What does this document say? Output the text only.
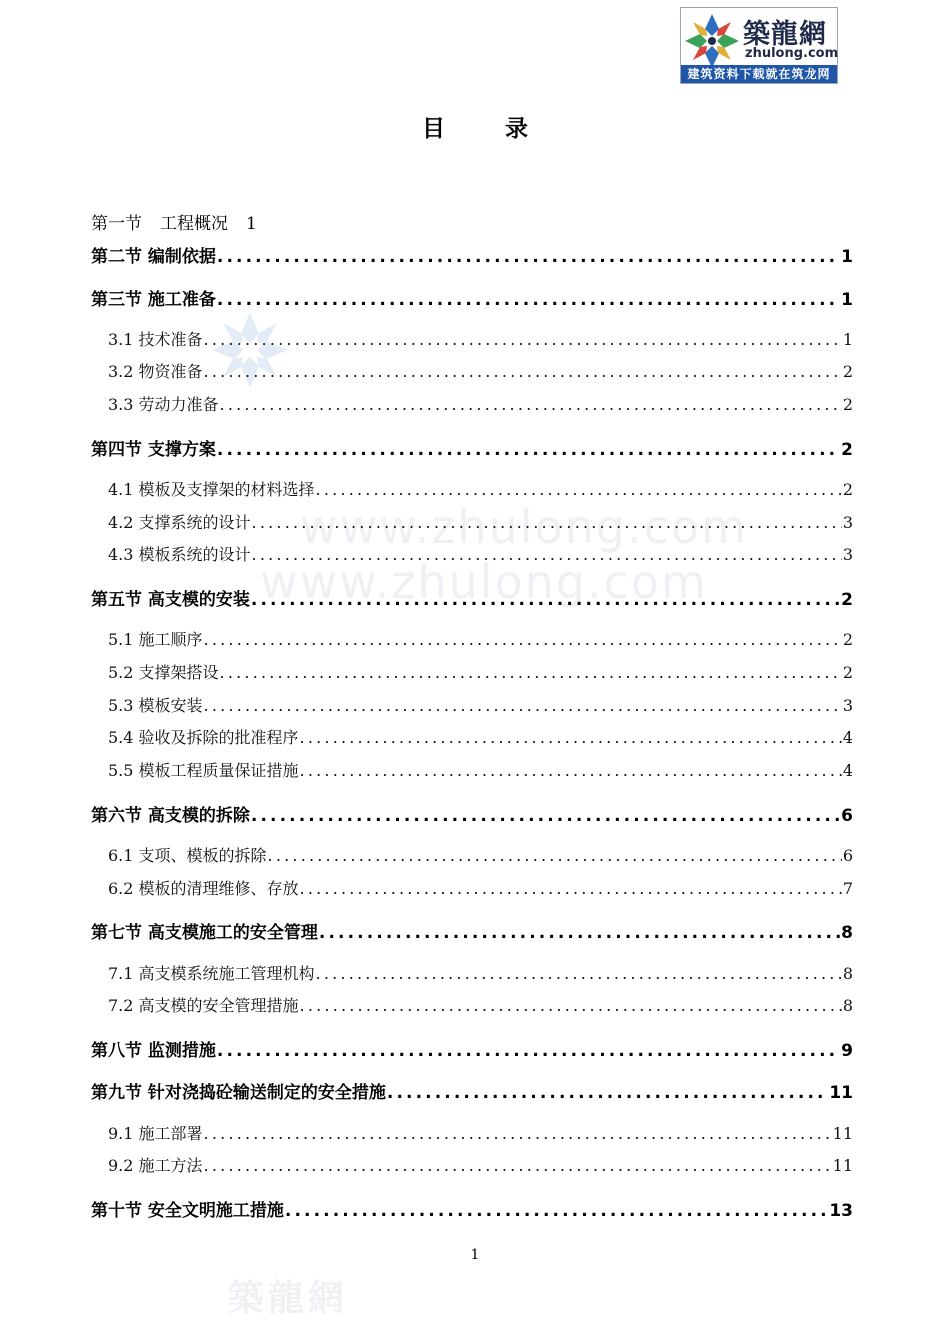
築龍網
zhulong.com
建筑资料下载就在筑龙网
目录
www.zhulong.com
www.zhulong.com
第一节 工程概况 1
第二节 编制依据 .....	1
第三节 施工准备 .....	1
3.1 技术准备 .....	1
3.2 物资准备 .....	2
3.3 劳动力准备 .....	2
第四节 支撑方案 .....	2
4.1 模板及支撑架的材料选择 .....	2
4.2 支撑系统的设计 .....	3
4.3 模板系统的设计 .....	3
第五节 高支模的安装 .....	2
5.1 施工顺序 .....	2
5.2 支撑架搭设 .....	2
5.3 模板安装 .....	3
5.4 验收及拆除的批准程序 .....	4
5.5 模板工程质量保证措施 .....	4
第六节 高支模的拆除 .....	6
6.1 支项、模板的拆除 .....	6
6.2 模板的清理维修、存放 .....	7
第七节 高支模施工的安全管理 .....	8
7.1 高支模系统施工管理机构 .....	8
7.2 高支模的安全管理措施 .....	8
第八节 监测措施 .....	9
第九节 针对浇捣砼输送制定的安全措施 .....	11
9.1 施工部署 .....	11
9.2 施工方法 .....	11
第十节 安全文明施工措施 .....	13
築龍網
1
